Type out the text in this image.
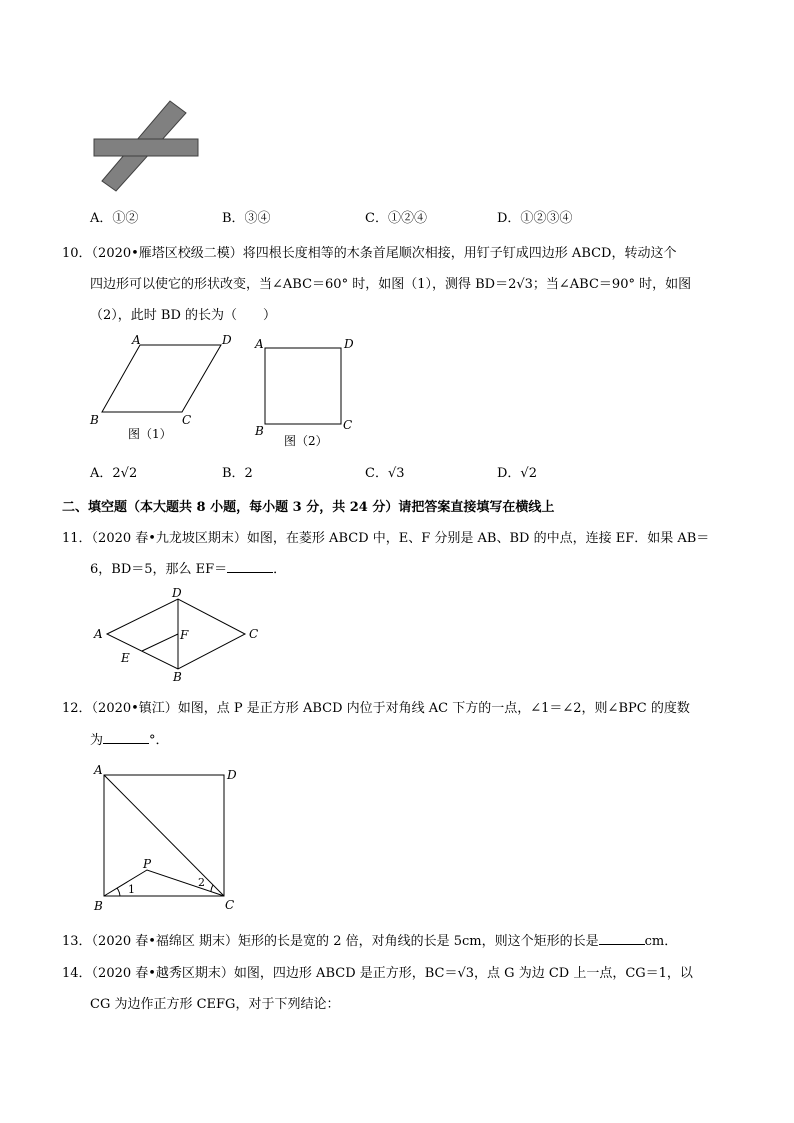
A．①②	B．③④	C．①②④	D．①②③④
10．（2020•雁塔区校级二模）将四根长度相等的木条首尾顺次相接，用钉子钉成四边形 ABCD，转动这个
四边形可以使它的形状改变，当∠ABC＝60° 时，如图（1），测得 BD＝2√3；当∠ABC＝90° 时，如图
（2），此时 BD 的长为（　　）
A	D
B	C
图（1）
A	D
B	C
图（2）
A．2√2	B．2	C．√3	D．√2
二、填空题（本大题共 8 小题，每小题 3 分，共 24 分）请把答案直接填写在横线上
11．（2020 春•九龙坡区期末）如图，在菱形 ABCD 中，E、F 分别是 AB、BD 的中点，连接 EF．如果 AB＝
6，BD＝5，那么 EF＝	．
D
A	C
F
E
B
12．（2020•镇江）如图，点 P 是正方形 ABCD 内位于对角线 AC 下方的一点，∠1＝∠2，则∠BPC 的度数
为	°．
A	D
P
1
2
B	C
13．（2020 春•福绵区 期末）矩形的长是宽的 2 倍，对角线的长是 5cm，则这个矩形的长是	cm．
14．（2020 春•越秀区期末）如图，四边形 ABCD 是正方形，BC＝√3，点 G 为边 CD 上一点，CG＝1，以
CG 为边作正方形 CEFG，对于下列结论：
